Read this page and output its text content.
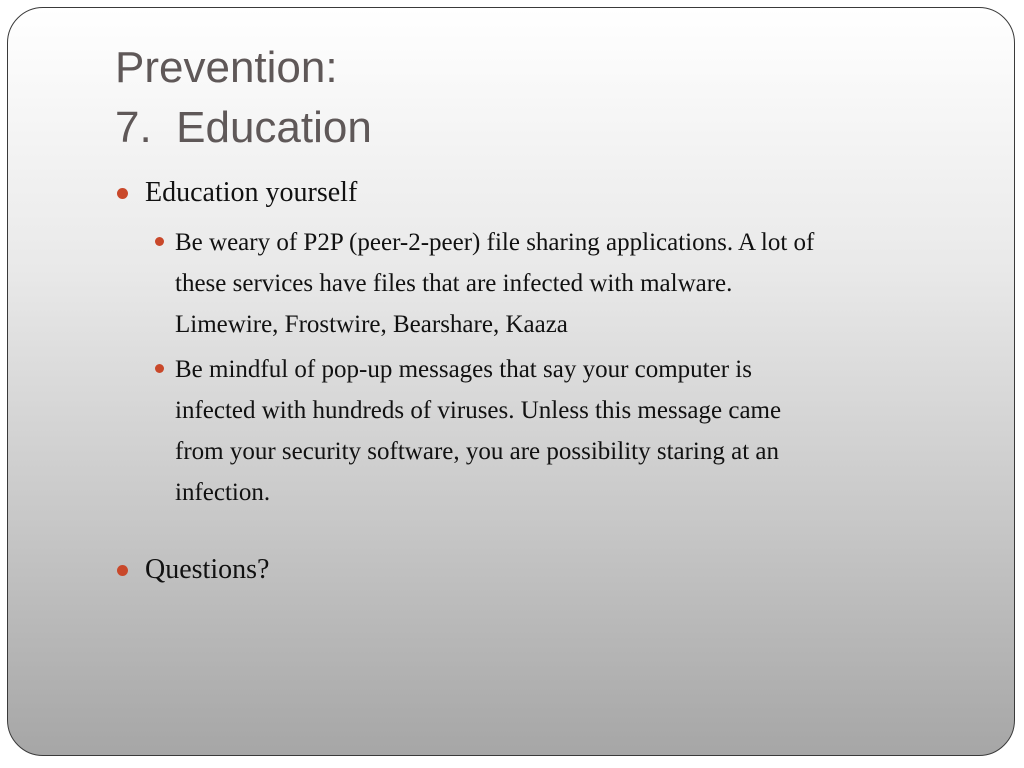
Prevention:
7.  Education
Education yourself
Be weary of P2P (peer-2-peer) file sharing applications. A lot of
these services have files that are infected with malware.
Limewire, Frostwire, Bearshare, Kaaza
Be mindful of pop-up messages that say your computer is
infected with hundreds of viruses. Unless this message came
from your security software, you are possibility staring at an
infection.
Questions?
